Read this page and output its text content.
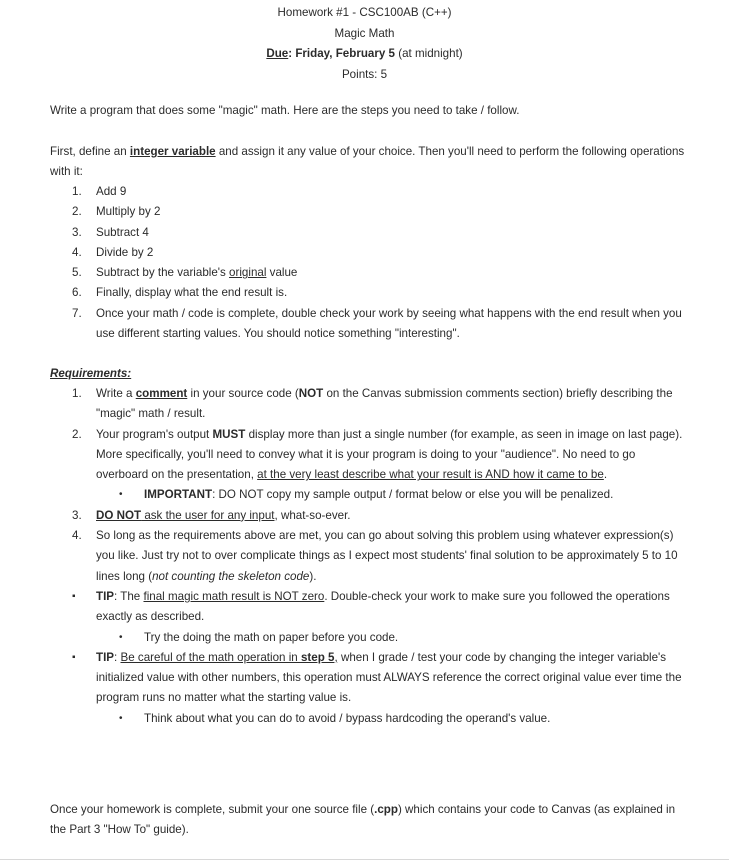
Homework #1 - CSC100AB (C++)
Magic Math
Due: Friday, February 5 (at midnight)
Points: 5
Write a program that does some "magic" math. Here are the steps you need to take / follow.
First, define an integer variable and assign it any value of your choice. Then you'll need to perform the following operations with it:
1.	Add 9
2.	Multiply by 2
3.	Subtract 4
4.	Divide by 2
5.	Subtract by the variable's original value
6.	Finally, display what the end result is.
7.	Once your math / code is complete, double check your work by seeing what happens with the end result when you use different starting values. You should notice something "interesting".
Requirements:
1.	Write a comment in your source code (NOT on the Canvas submission comments section) briefly describing the "magic" math / result.
2.	Your program's output MUST display more than just a single number (for example, as seen in image on last page). More specifically, you'll need to convey what it is your program is doing to your "audience". No need to go overboard on the presentation, at the very least describe what your result is AND how it came to be.
• IMPORTANT: DO NOT copy my sample output / format below or else you will be penalized.
3.	DO NOT ask the user for any input, what-so-ever.
4.	So long as the requirements above are met, you can go about solving this problem using whatever expression(s) you like. Just try not to over complicate things as I expect most students' final solution to be approximately 5 to 10 lines long (not counting the skeleton code).
▪ TIP: The final magic math result is NOT zero. Double-check your work to make sure you followed the operations exactly as described.
• Try the doing the math on paper before you code.
▪ TIP: Be careful of the math operation in step 5, when I grade / test your code by changing the integer variable's initialized value with other numbers, this operation must ALWAYS reference the correct original value ever time the program runs no matter what the starting value is.
• Think about what you can do to avoid / bypass hardcoding the operand's value.
Once your homework is complete, submit your one source file (.cpp) which contains your code to Canvas (as explained in the Part 3 "How To" guide).
